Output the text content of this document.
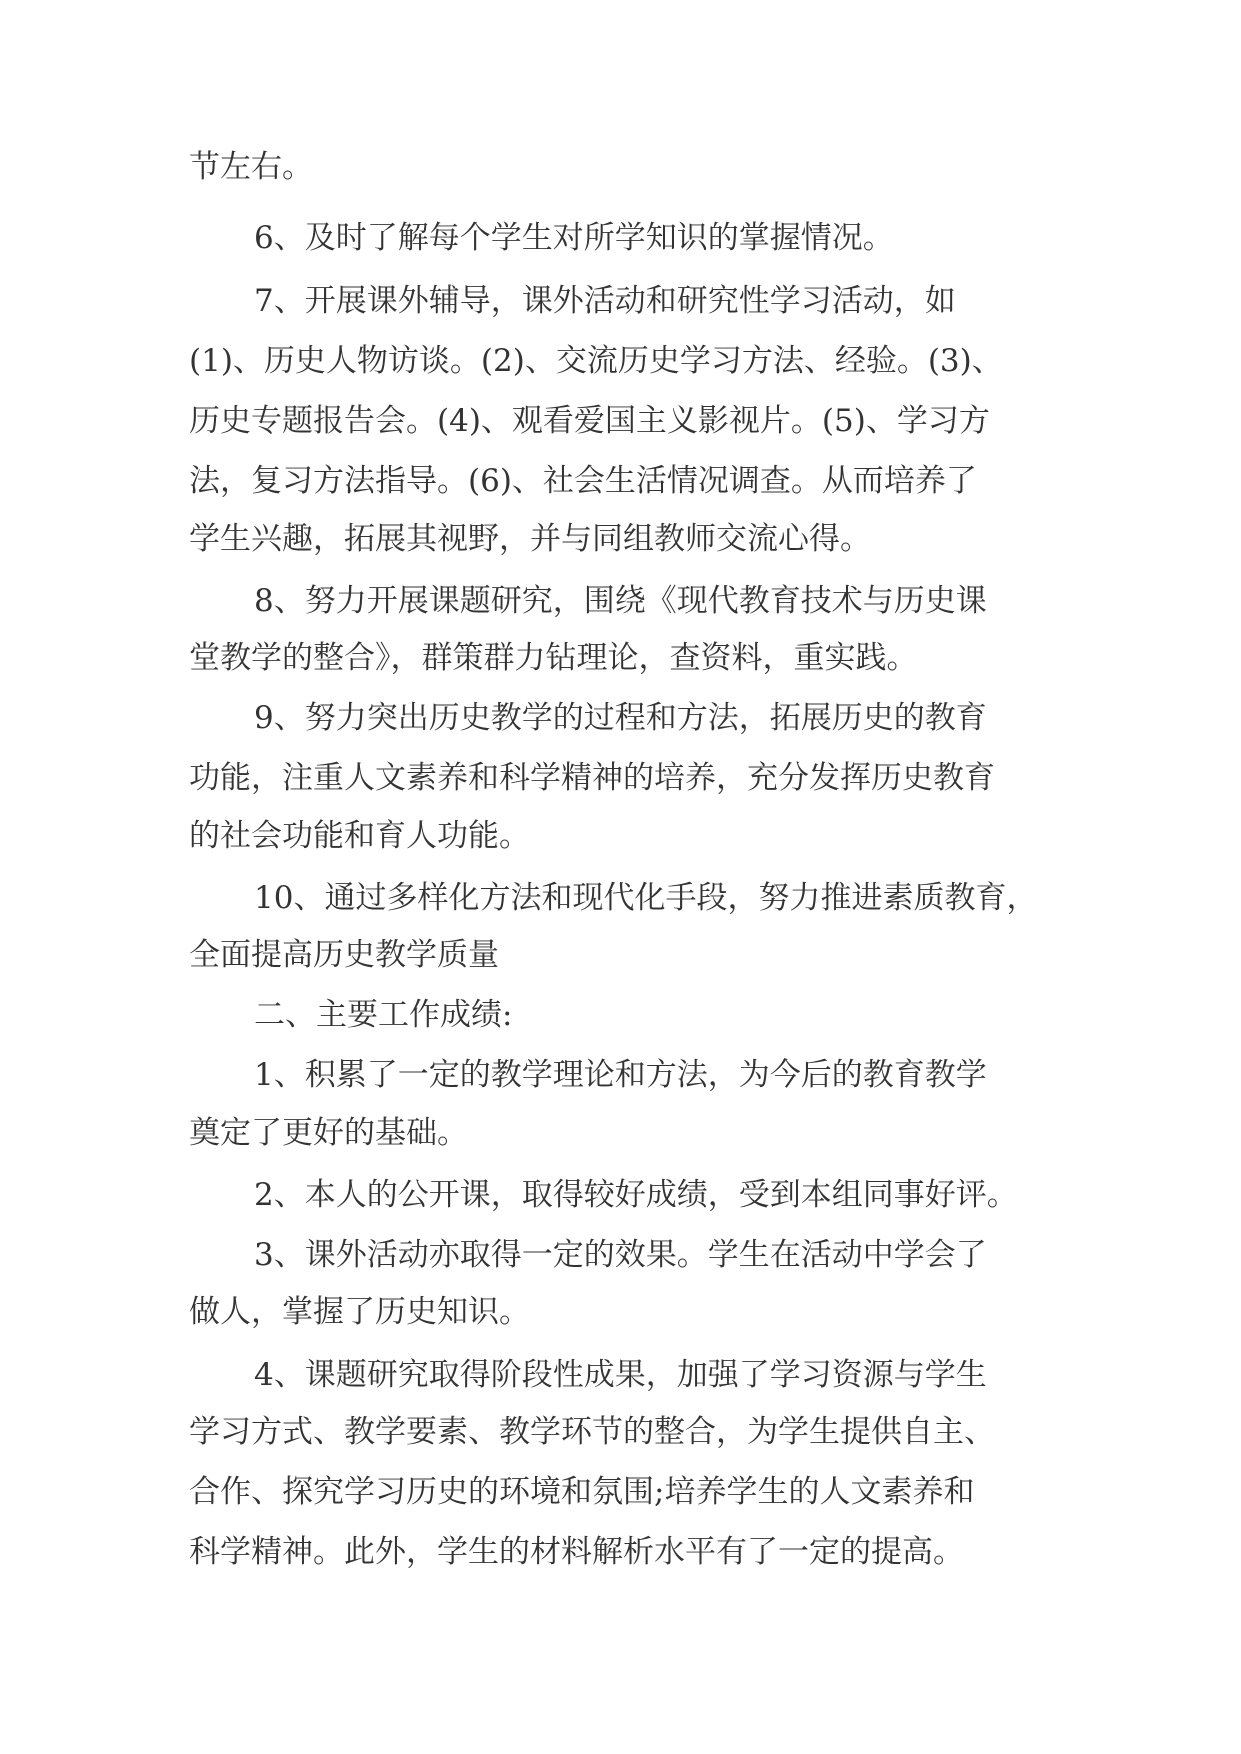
节左右。
6、及时了解每个学生对所学知识的掌握情况。
7、开展课外辅导，课外活动和研究性学习活动，如
(1)、历史人物访谈。(2)、交流历史学习方法、经验。(3)、
历史专题报告会。(4)、观看爱国主义影视片。(5)、学习方
法，复习方法指导。(6)、社会生活情况调查。从而培养了
学生兴趣，拓展其视野，并与同组教师交流心得。
8、努力开展课题研究，围绕《现代教育技术与历史课
堂教学的整合》，群策群力钻理论，查资料，重实践。
9、努力突出历史教学的过程和方法，拓展历史的教育
功能，注重人文素养和科学精神的培养，充分发挥历史教育
的社会功能和育人功能。
10、通过多样化方法和现代化手段，努力推进素质教育，
全面提高历史教学质量
二、主要工作成绩:
1、积累了一定的教学理论和方法，为今后的教育教学
奠定了更好的基础。
2、本人的公开课，取得较好成绩，受到本组同事好评。
3、课外活动亦取得一定的效果。学生在活动中学会了
做人，掌握了历史知识。
4、课题研究取得阶段性成果，加强了学习资源与学生
学习方式、教学要素、教学环节的整合，为学生提供自主、
合作、探究学习历史的环境和氛围;培养学生的人文素养和
科学精神。此外，学生的材料解析水平有了一定的提高。
